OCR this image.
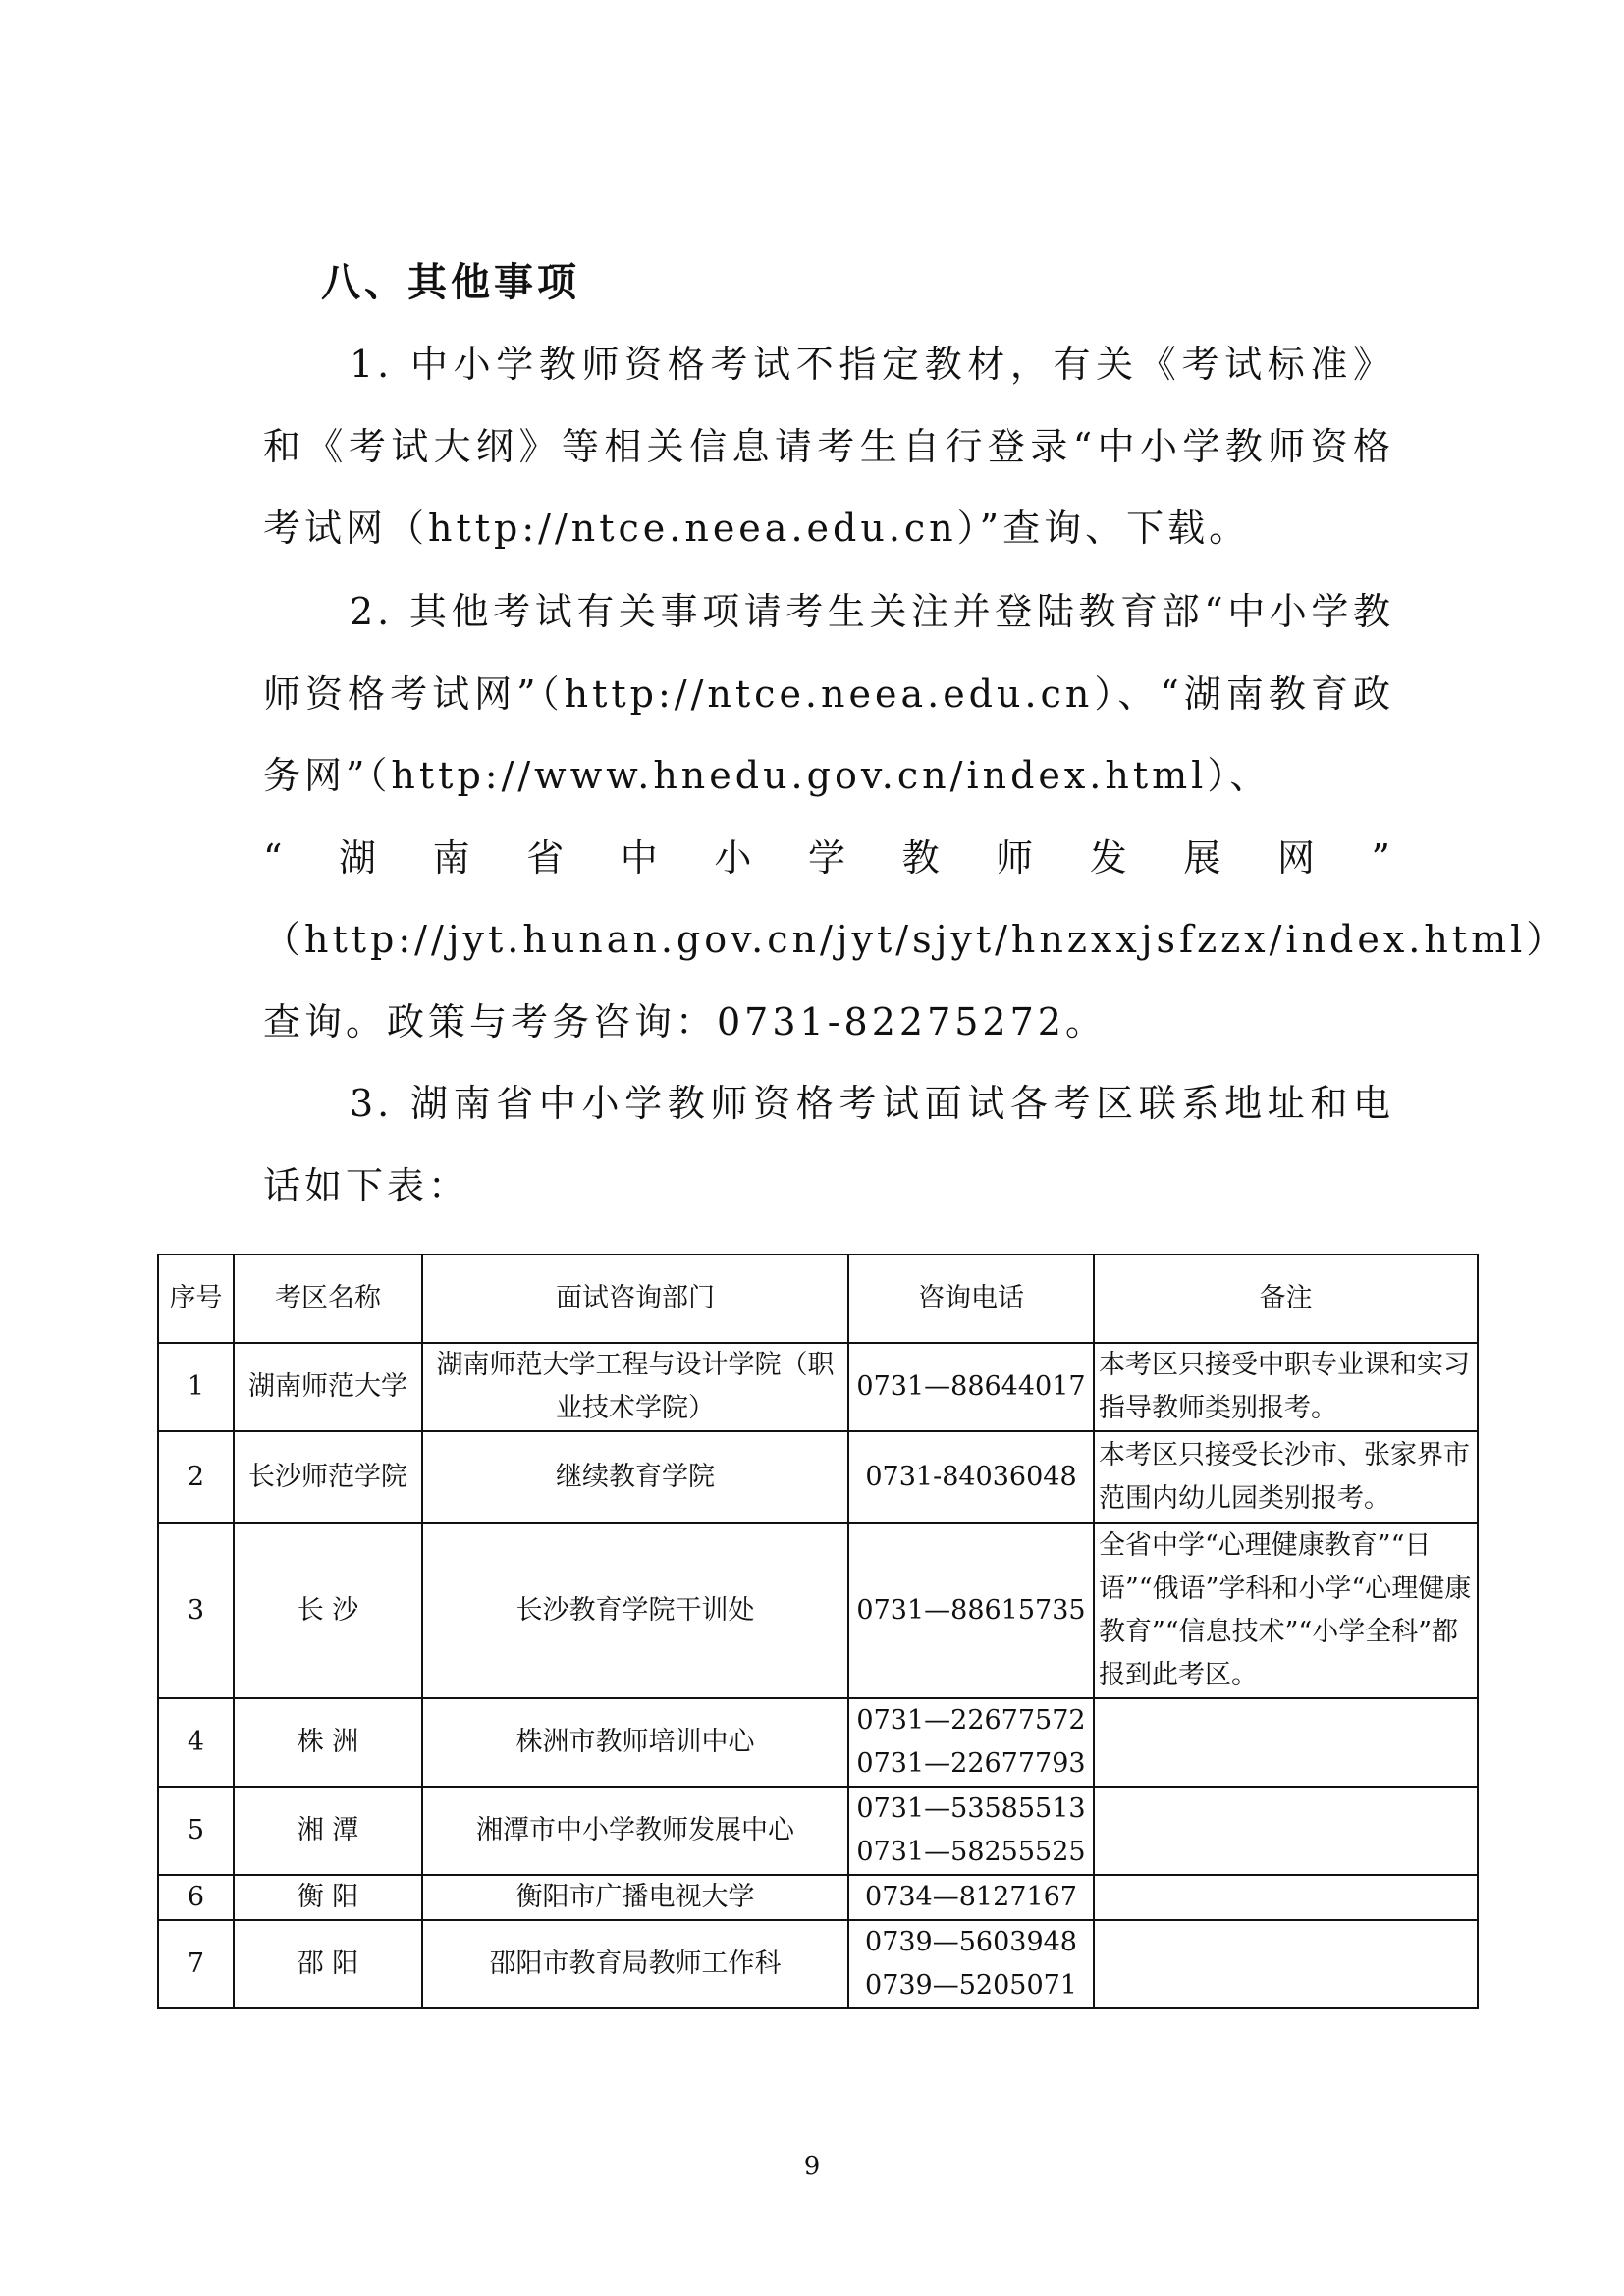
八、其他事项

1. 中小学教师资格考试不指定教材，有关《考试标准》和《考试大纲》等相关信息请考生自行登录“中小学教师资格考试网（http://ntce.neea.edu.cn）”查询、下载。

2. 其他考试有关事项请考生关注并登陆教育部“中小学教师资格考试网”（http://ntce.neea.edu.cn）、“湖南教育政务网”（http://www.hnedu.gov.cn/index.html）、
“ 湖 南 省 中 小 学 教 师 发 展 网 ”
（http://jyt.hunan.gov.cn/jyt/sjyt/hnzxxjsfzzx/index.html）查询。政策与考务咨询：0731-82275272。

3. 湖南省中小学教师资格考试面试各考区联系地址和电话如下表：

序号	考区名称	面试咨询部门	咨询电话	备注
1	湖南师范大学	湖南师范大学工程与设计学院（职业技术学院）	0731—88644017	本考区只接受中职专业课和实习指导教师类别报考。
2	长沙师范学院	继续教育学院	0731-84036048	本考区只接受长沙市、张家界市范围内幼儿园类别报考。
3	长 沙	长沙教育学院干训处	0731—88615735	全省中学“心理健康教育”“日语”“俄语”学科和小学“心理健康教育”“信息技术”“小学全科”都报到此考区。
4	株 洲	株洲市教师培训中心	0731—22677572
0731—22677793	

5	湘 潭	湘潭市中小学教师发展中心	0731—53585513
0731—58255525	

6	衡 阳	衡阳市广播电视大学	0734—8127167	

7	邵 阳	邵阳市教育局教师工作科	0739—5603948
0739—5205071	

9
